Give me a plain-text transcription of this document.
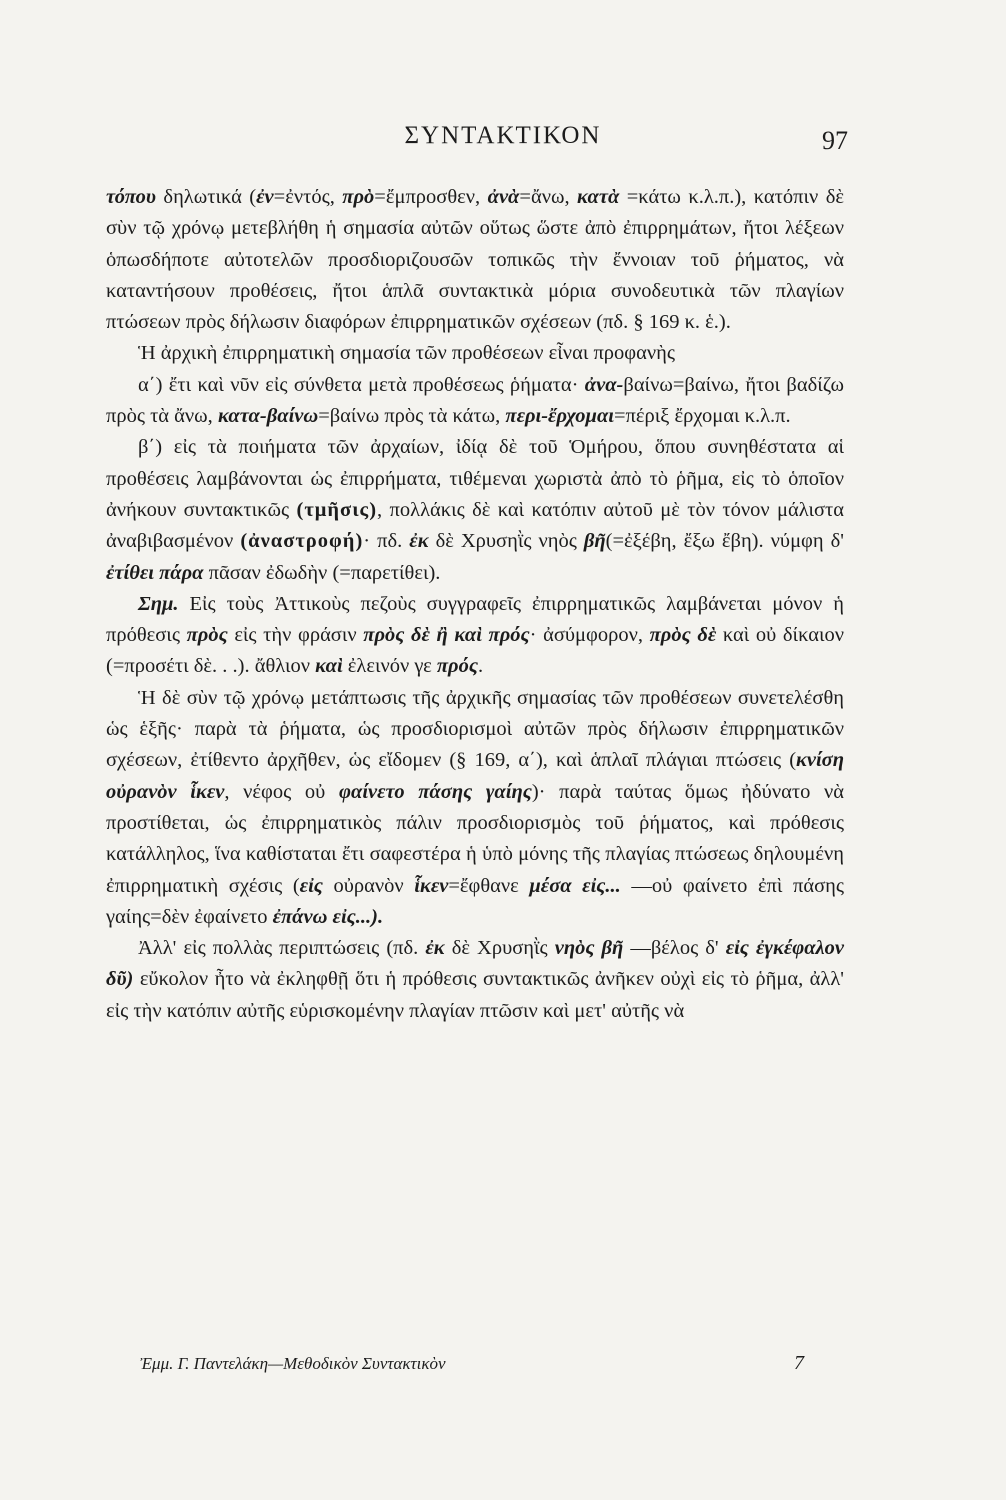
ΣΥΝΤΑΚΤΙΚΟΝ	97

τόπου δηλωτικά (ἐν=ἐντός, πρὸ=ἔμπροσθεν, ἀνὰ=ἄνω, κατὰ =κάτω κ.λ.π.), κατόπιν δὲ σὺν τῷ χρόνῳ μετεβλήθη ἡ σημασία αὐτῶν οὕτως ὥστε ἀπὸ ἐπιρρημάτων, ἤτοι λέξεων ὁπωσδήποτε αὐτοτελῶν προσδιοριζουσῶν τοπικῶς τὴν ἔννοιαν τοῦ ῥήματος, νὰ καταντήσουν προθέσεις, ἤτοι ἁπλᾶ συντακτικὰ μόρια συνοδευτικὰ τῶν πλαγίων πτώσεων πρὸς δήλωσιν διαφόρων ἐπιρρηματικῶν σχέσεων (πδ. § 169 κ. ἑ.).

Ἡ ἀρχικὴ ἐπιρρηματικὴ σημασία τῶν προθέσεων εἶναι προφανὴς

α΄) ἔτι καὶ νῦν εἰς σύνθετα μετὰ προθέσεως ῥήματα· ἀνα-βαίνω=βαίνω, ἤτοι βαδίζω πρὸς τὰ ἄνω, κατα-βαίνω=βαίνω πρὸς τὰ κάτω, περι-ἔρχομαι=πέριξ ἔρχομαι κ.λ.π.

β΄) εἰς τὰ ποιήματα τῶν ἀρχαίων, ἰδίᾳ δὲ τοῦ Ὁμήρου, ὅπου συνηθέστατα αἱ προθέσεις λαμβάνονται ὡς ἐπιρρήματα, τιθέμεναι χωριστὰ ἀπὸ τὸ ῥῆμα, εἰς τὸ ὁποῖον ἀνήκουν συντακτικῶς (τμῆσις), πολλάκις δὲ καὶ κατόπιν αὐτοῦ μὲ τὸν τόνον μάλιστα ἀναβιβασμένον (ἀναστροφή)· πδ. ἐκ δὲ Χρυσηῒς νηὸς βῆ(=ἐξέβη, ἔξω ἔβη). νύμφη δ' ἐτίθει πάρα πᾶσαν ἐδωδὴν (=παρετίθει).

Σημ. Εἰς τοὺς Ἀττικοὺς πεζοὺς συγγραφεῖς ἐπιρρηματικῶς λαμβάνεται μόνον ἡ πρόθεσις πρὸς εἰς τὴν φράσιν πρὸς δὲ ἢ καὶ πρός· ἀσύμφορον, πρὸς δὲ καὶ οὐ δίκαιον (=προσέτι δὲ. . .). ἄθλιον καὶ ἐλεινόν γε πρός.

Ἡ δὲ σὺν τῷ χρόνῳ μετάπτωσις τῆς ἀρχικῆς σημασίας τῶν προθέσεων συνετελέσθη ὡς ἑξῆς· παρὰ τὰ ῥήματα, ὡς προσδιορισμοὶ αὐτῶν πρὸς δήλωσιν ἐπιρρηματικῶν σχέσεων, ἐτίθεντο ἀρχῆθεν, ὡς εἴδομεν (§ 169, α΄), καὶ ἁπλαῖ πλάγιαι πτώσεις (κνίση οὐρανὸν ἷκεν, νέφος οὐ φαίνετο πάσης γαίης)· παρὰ ταύτας ὅμως ἠδύνατο νὰ προστίθεται, ὡς ἐπιρρηματικὸς πάλιν προσδιορισμὸς τοῦ ῥήματος, καὶ πρόθεσις κατάλληλος, ἵνα καθίσταται ἔτι σαφεστέρα ἡ ὑπὸ μόνης τῆς πλαγίας πτώσεως δηλουμένη ἐπιρρηματικὴ σχέσις (εἰς οὐρανὸν ἷκεν=ἔφθανε μέσα εἰς... —οὐ φαίνετο ἐπὶ πάσης γαίης=δὲν ἐφαίνετο ἐπάνω εἰς...).

Ἀλλ' εἰς πολλὰς περιπτώσεις (πδ. ἐκ δὲ Χρυσηῒς νηὸς βῆ —βέλος δ' εἰς ἐγκέφαλον δῦ) εὔκολον ἦτο νὰ ἐκληφθῇ ὅτι ἡ πρόθεσις συντακτικῶς ἀνῆκεν οὐχὶ εἰς τὸ ῥῆμα, ἀλλ' εἰς τὴν κατόπιν αὐτῆς εὑρισκομένην πλαγίαν πτῶσιν καὶ μετ' αὐτῆς νὰ

Ἐμμ. Γ. Παντελάκη—Μεθοδικὸν Συντακτικὸν	7
